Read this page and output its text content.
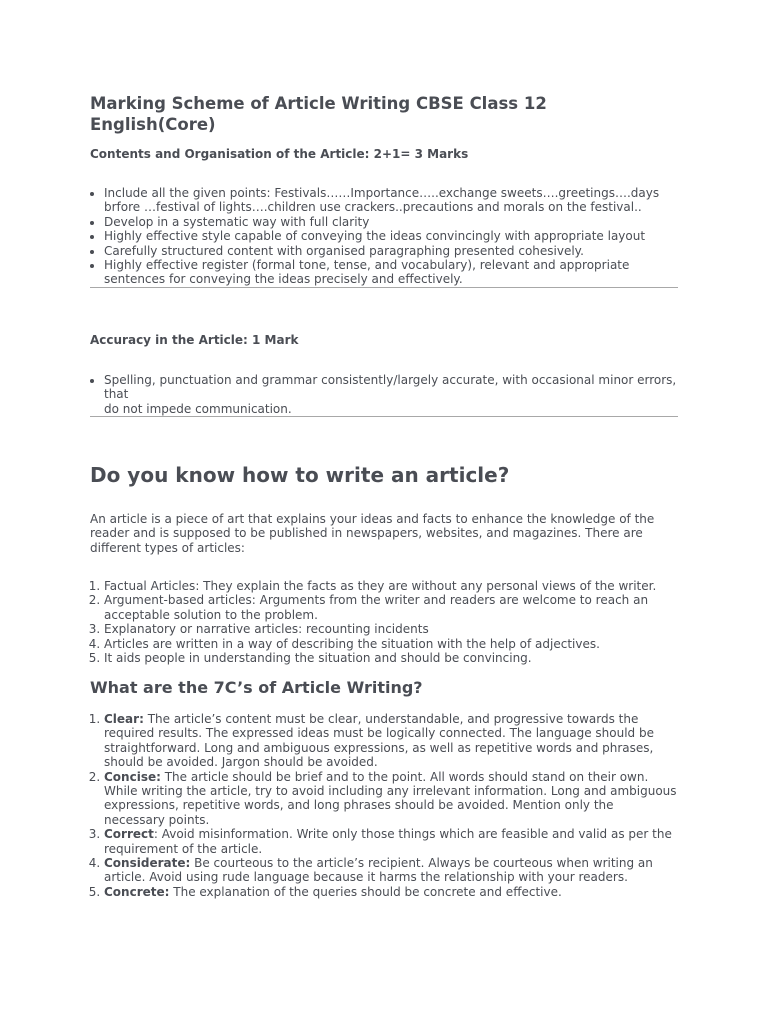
Marking Scheme of Article Writing CBSE Class 12 English(Core)
Contents and Organisation of the Article: 2+1= 3 Marks
• Include all the given points: Festivals……Importance…..exchange sweets….greetings….days brfore …festival of lights….children use crackers..precautions and morals on the festival..
• Develop in a systematic way with full clarity
• Highly effective style capable of conveying the ideas convincingly with appropriate layout
• Carefully structured content with organised paragraphing presented cohesively.
• Highly effective register (formal tone, tense, and vocabulary), relevant and appropriate sentences for conveying the ideas precisely and effectively.
Accuracy in the Article: 1 Mark
• Spelling, punctuation and grammar consistently/largely accurate, with occasional minor errors, that
do not impede communication.
Do you know how to write an article?

An article is a piece of art that explains your ideas and facts to enhance the knowledge of the reader and is supposed to be published in newspapers, websites, and magazines. There are different types of articles:

1. Factual Articles: They explain the facts as they are without any personal views of the writer.
2. Argument-based articles: Arguments from the writer and readers are welcome to reach an acceptable solution to the problem.
3. Explanatory or narrative articles: recounting incidents
4. Articles are written in a way of describing the situation with the help of adjectives.
5. It aids people in understanding the situation and should be convincing.
What are the 7C’s of Article Writing?
1. Clear: The article’s content must be clear, understandable, and progressive towards the required results. The expressed ideas must be logically connected. The language should be straightforward. Long and ambiguous expressions, as well as repetitive words and phrases, should be avoided. Jargon should be avoided.
2. Concise: The article should be brief and to the point. All words should stand on their own. While writing the article, try to avoid including any irrelevant information. Long and ambiguous expressions, repetitive words, and long phrases should be avoided. Mention only the necessary points.
3. Correct: Avoid misinformation. Write only those things which are feasible and valid as per the requirement of the article.
4. Considerate: Be courteous to the article’s recipient. Always be courteous when writing an article. Avoid using rude language because it harms the relationship with your readers.
5. Concrete: The explanation of the queries should be concrete and effective.
